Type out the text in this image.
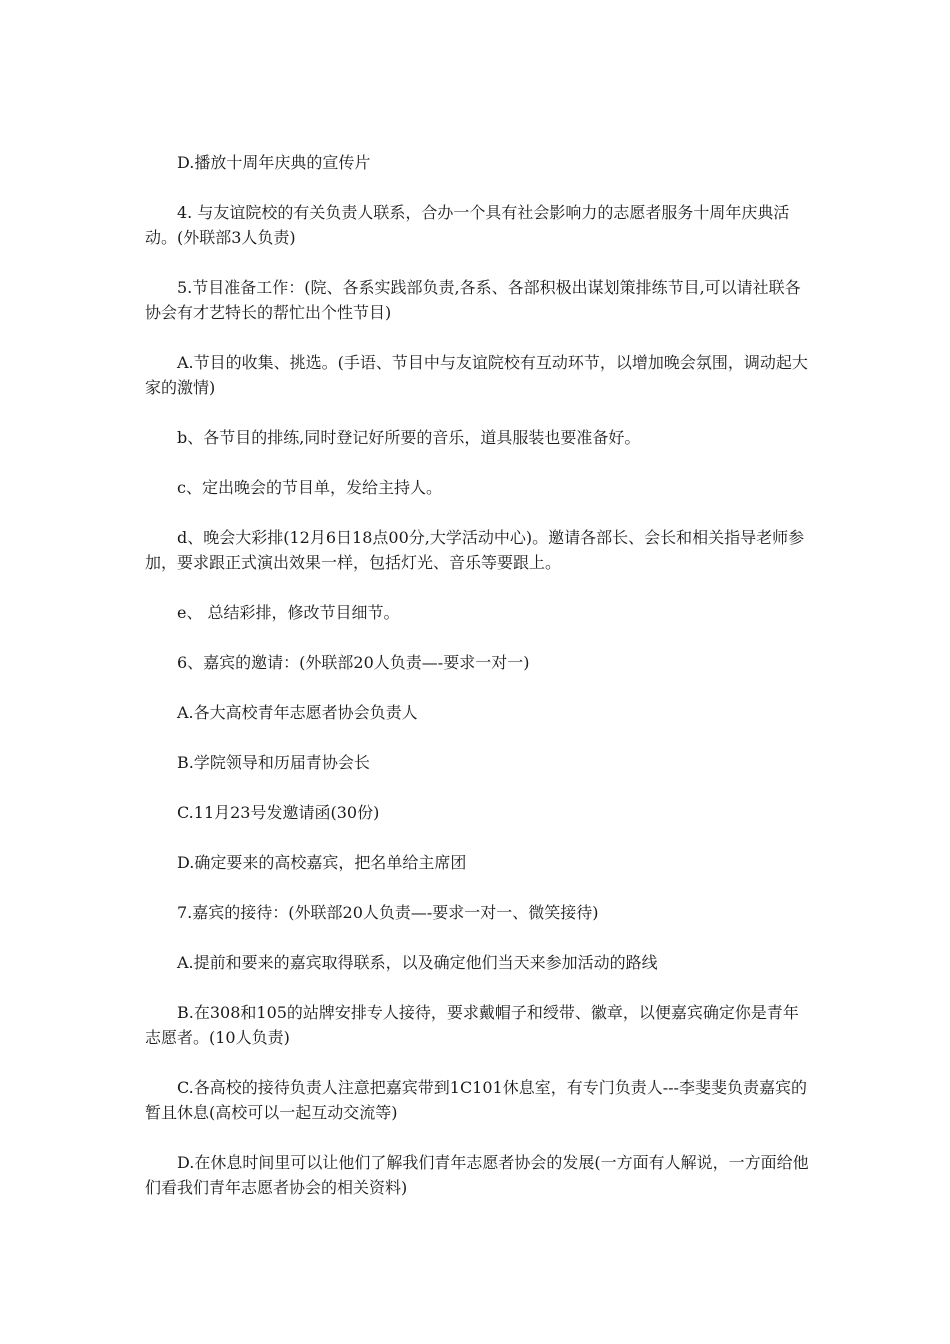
D.播放十周年庆典的宣传片

4. 与友谊院校的有关负责人联系，合办一个具有社会影响力的志愿者服务十周年庆典活动。(外联部3人负责)

5.节目准备工作：(院、各系实践部负责,各系、各部积极出谋划策排练节目,可以请社联各协会有才艺特长的帮忙出个性节目)

A.节目的收集、挑选。(手语、节目中与友谊院校有互动环节，以增加晚会氛围，调动起大家的激情)

b、各节目的排练,同时登记好所要的音乐，道具服装也要准备好。

c、定出晚会的节目单，发给主持人。

d、晚会大彩排(12月6日18点00分,大学活动中心)。邀请各部长、会长和相关指导老师参加，要求跟正式演出效果一样，包括灯光、音乐等要跟上。

e、 总结彩排，修改节目细节。

6、嘉宾的邀请：(外联部20人负责—-要求一对一)

A.各大高校青年志愿者协会负责人

B.学院领导和历届青协会长

C.11月23号发邀请函(30份)

D.确定要来的高校嘉宾，把名单给主席团

7.嘉宾的接待：(外联部20人负责—-要求一对一、微笑接待)

A.提前和要来的嘉宾取得联系，以及确定他们当天来参加活动的路线

B.在308和105的站牌安排专人接待，要求戴帽子和绶带、徽章，以便嘉宾确定你是青年志愿者。(10人负责)

C.各高校的接待负责人注意把嘉宾带到1C101休息室，有专门负责人---李斐斐负责嘉宾的暂且休息(高校可以一起互动交流等)

D.在休息时间里可以让他们了解我们青年志愿者协会的发展(一方面有人解说，一方面给他们看我们青年志愿者协会的相关资料)
